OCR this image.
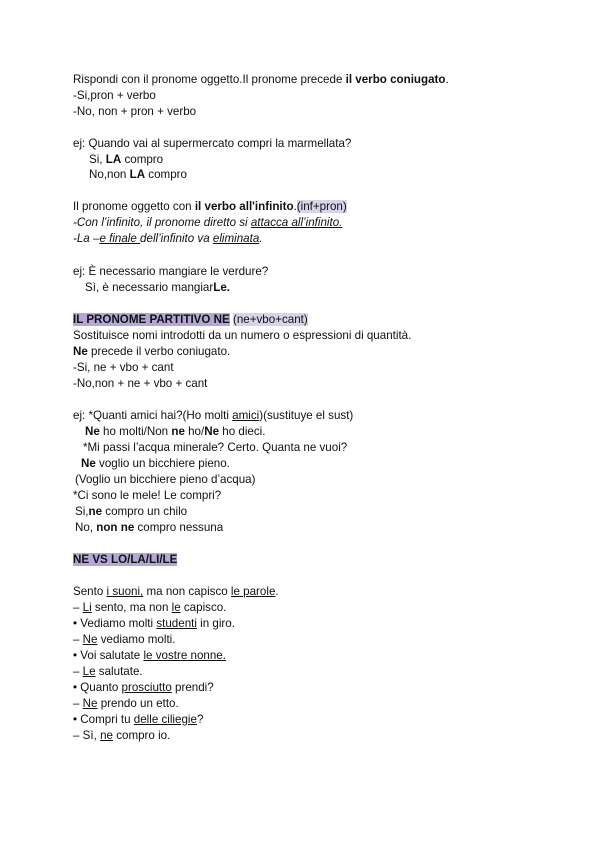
Rispondi con il pronome oggetto.Il pronome precede il verbo coniugato.
-Si,pron + verbo
-No, non + pron + verbo
ej: Quando vai al supermercato compri la marmellata?
Si, LA compro
No,non LA compro
Il pronome oggetto con il verbo all'infinito.(inf+pron)
-Con l’infinito, il pronome diretto si attacca all’infinito.
-La –e finale dell’infinito va eliminata.
ej: È necessario mangiare le verdure?
Sì, è necessario mangiarLe.
IL PRONOME PARTITIVO NE (ne+vbo+cant)
Sostituisce nomi introdotti da un numero o espressioni di quantità.
Ne precede il verbo coniugato.
-Si, ne + vbo + cant
-No,non + ne + vbo + cant
ej: *Quanti amici hai?(Ho molti amici)(sustituye el sust)
Ne ho molti/Non ne ho/Ne ho dieci.
*Mi passi l’acqua minerale? Certo. Quanta ne vuoi?
Ne voglio un bicchiere pieno.
(Voglio un bicchiere pieno d’acqua)
*Ci sono le mele! Le compri?
Si,ne compro un chilo
No, non ne compro nessuna
NE VS LO/LA/LI/LE
Sento i suoni, ma non capisco le parole.
– Li sento, ma non le capisco.
• Vediamo molti studenti in giro.
– Ne vediamo molti.
• Voi salutate le vostre nonne.
– Le salutate.
• Quanto prosciutto prendi?
– Ne prendo un etto.
• Compri tu delle ciliegie?
– Sì, ne compro io.
